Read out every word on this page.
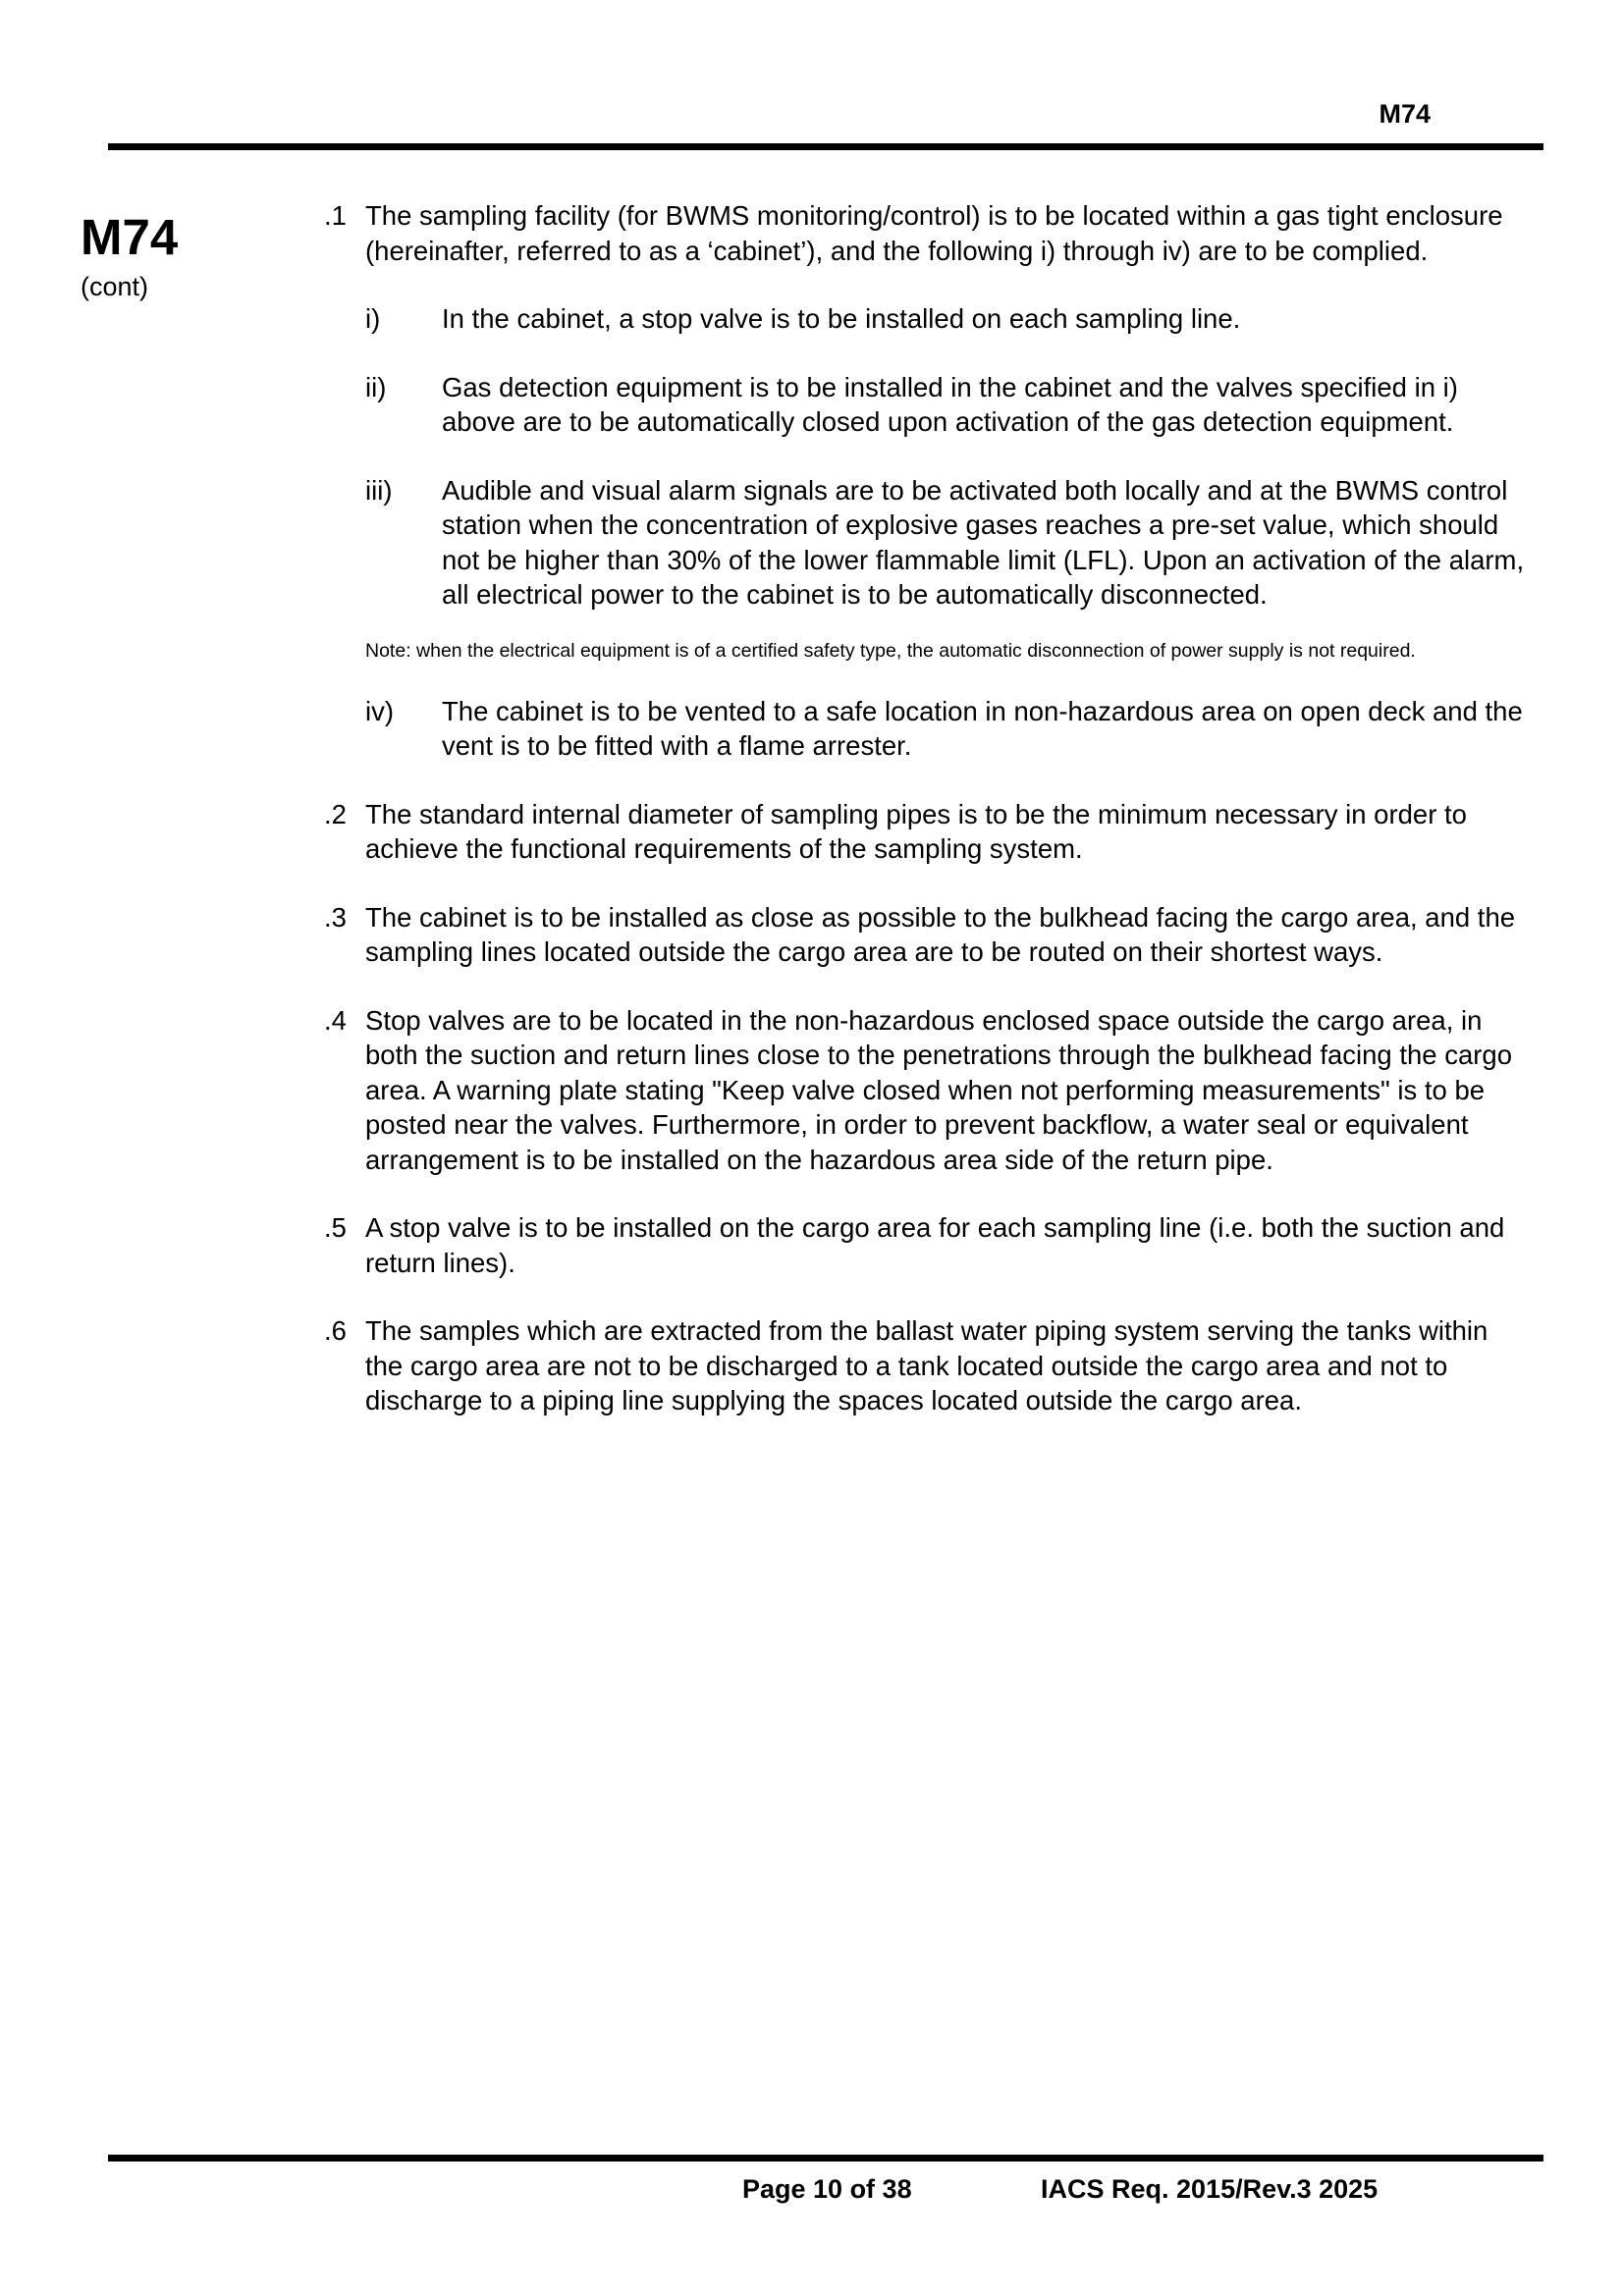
M74
M74
(cont)
.1 The sampling facility (for BWMS monitoring/control) is to be located within a gas tight enclosure (hereinafter, referred to as a ‘cabinet’), and the following i) through iv) are to be complied.
i)	In the cabinet, a stop valve is to be installed on each sampling line.
ii)	Gas detection equipment is to be installed in the cabinet and the valves specified in i) above are to be automatically closed upon activation of the gas detection equipment.
iii)	Audible and visual alarm signals are to be activated both locally and at the BWMS control station when the concentration of explosive gases reaches a pre-set value, which should not be higher than 30% of the lower flammable limit (LFL). Upon an activation of the alarm, all electrical power to the cabinet is to be automatically disconnected.
Note: when the electrical equipment is of a certified safety type, the automatic disconnection of power supply is not required.
iv)	The cabinet is to be vented to a safe location in non-hazardous area on open deck and the vent is to be fitted with a flame arrester.
.2 The standard internal diameter of sampling pipes is to be the minimum necessary in order to achieve the functional requirements of the sampling system.
.3 The cabinet is to be installed as close as possible to the bulkhead facing the cargo area, and the sampling lines located outside the cargo area are to be routed on their shortest ways.
.4 Stop valves are to be located in the non-hazardous enclosed space outside the cargo area, in both the suction and return lines close to the penetrations through the bulkhead facing the cargo area. A warning plate stating "Keep valve closed when not performing measurements" is to be posted near the valves. Furthermore, in order to prevent backflow, a water seal or equivalent arrangement is to be installed on the hazardous area side of the return pipe.
.5 A stop valve is to be installed on the cargo area for each sampling line (i.e. both the suction and return lines).
.6 The samples which are extracted from the ballast water piping system serving the tanks within the cargo area are not to be discharged to a tank located outside the cargo area and not to discharge to a piping line supplying the spaces located outside the cargo area.
Page 10 of 38	IACS Req. 2015/Rev.3 2025
